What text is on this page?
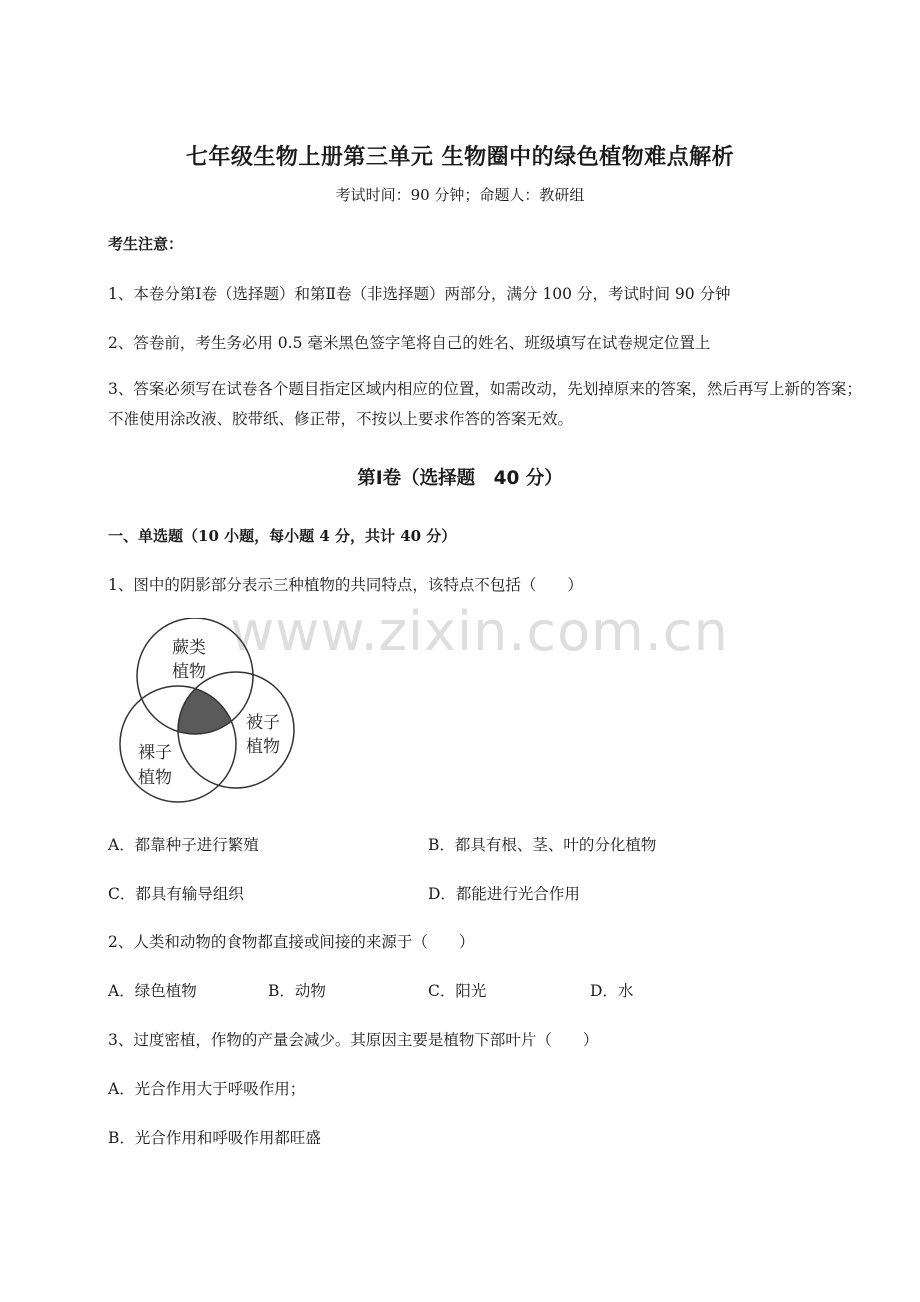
www.zixin.com.cn
七年级生物上册第三单元 生物圈中的绿色植物难点解析
考试时间：90 分钟；命题人：教研组
考生注意：
1、本卷分第Ⅰ卷（选择题）和第Ⅱ卷（非选择题）两部分，满分 100 分，考试时间 90 分钟
2、答卷前，考生务必用 0.5 毫米黑色签字笔将自己的姓名、班级填写在试卷规定位置上
3、答案必须写在试卷各个题目指定区域内相应的位置，如需改动，先划掉原来的答案，然后再写上新的答案；不准使用涂改液、胶带纸、修正带，不按以上要求作答的答案无效。
第Ⅰ卷（选择题　40 分）
一、单选题（10 小题，每小题 4 分，共计 40 分）
1、图中的阴影部分表示三种植物的共同特点，该特点不包括（　　）
蕨类
植物
被子
植物
裸子
植物
A．都靠种子进行繁殖	B．都具有根、茎、叶的分化植物
C．都具有输导组织	D．都能进行光合作用
2、人类和动物的食物都直接或间接的来源于（　　）
A．绿色植物	B．动物	C．阳光	D．水
3、过度密植，作物的产量会减少。其原因主要是植物下部叶片（　　）
A．光合作用大于呼吸作用；
B．光合作用和呼吸作用都旺盛
